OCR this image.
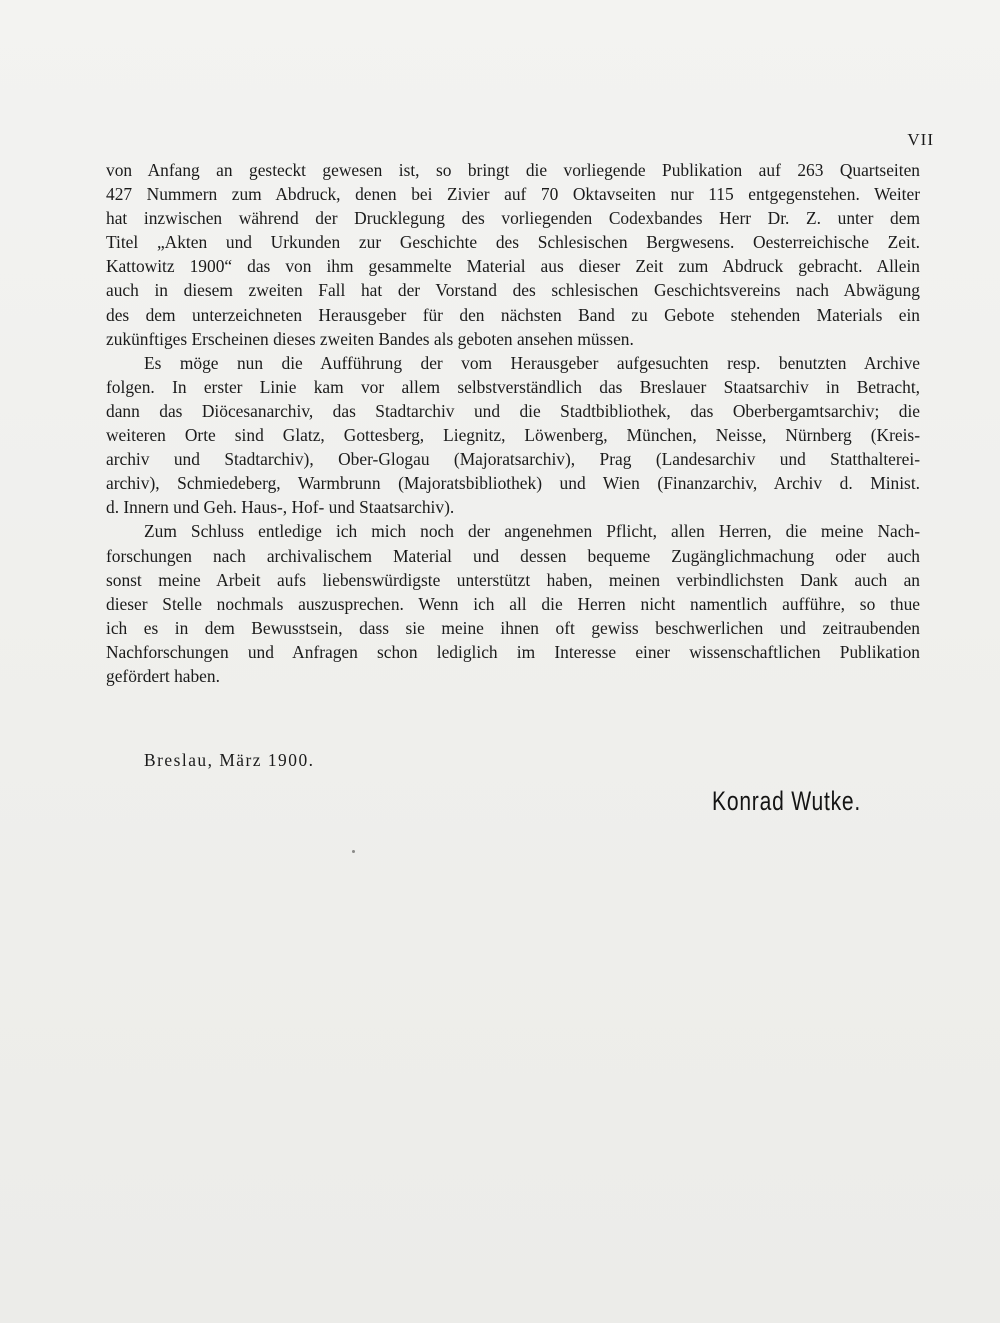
VII
von Anfang an gesteckt gewesen ist, so bringt die vorliegende Publikation auf 263 Quartseiten
427 Nummern zum Abdruck, denen bei Zivier auf 70 Oktavseiten nur 115 entgegenstehen. Weiter
hat inzwischen während der Drucklegung des vorliegenden Codexbandes Herr Dr. Z. unter dem
Titel „Akten und Urkunden zur Geschichte des Schlesischen Bergwesens. Oesterreichische Zeit.
Kattowitz 1900“ das von ihm gesammelte Material aus dieser Zeit zum Abdruck gebracht. Allein
auch in diesem zweiten Fall hat der Vorstand des schlesischen Geschichtsvereins nach Abwägung
des dem unterzeichneten Herausgeber für den nächsten Band zu Gebote stehenden Materials ein
zukünftiges Erscheinen dieses zweiten Bandes als geboten ansehen müssen.
Es möge nun die Aufführung der vom Herausgeber aufgesuchten resp. benutzten Archive
folgen. In erster Linie kam vor allem selbstverständlich das Breslauer Staatsarchiv in Betracht,
dann das Diöcesanarchiv, das Stadtarchiv und die Stadtbibliothek, das Oberbergamtsarchiv; die
weiteren Orte sind Glatz, Gottesberg, Liegnitz, Löwenberg, München, Neisse, Nürnberg (Kreis-
archiv und Stadtarchiv), Ober-Glogau (Majoratsarchiv), Prag (Landesarchiv und Statthalterei-
archiv), Schmiedeberg, Warmbrunn (Majoratsbibliothek) und Wien (Finanzarchiv, Archiv d. Minist.
d. Innern und Geh. Haus-, Hof- und Staatsarchiv).
Zum Schluss entledige ich mich noch der angenehmen Pflicht, allen Herren, die meine Nach-
forschungen nach archivalischem Material und dessen bequeme Zugänglichmachung oder auch
sonst meine Arbeit aufs liebenswürdigste unterstützt haben, meinen verbindlichsten Dank auch an
dieser Stelle nochmals auszusprechen. Wenn ich all die Herren nicht namentlich aufführe, so thue
ich es in dem Bewusstsein, dass sie meine ihnen oft gewiss beschwerlichen und zeitraubenden
Nachforschungen und Anfragen schon lediglich im Interesse einer wissenschaftlichen Publikation
gefördert haben.
Breslau, März 1900.
Konrad Wutke.
